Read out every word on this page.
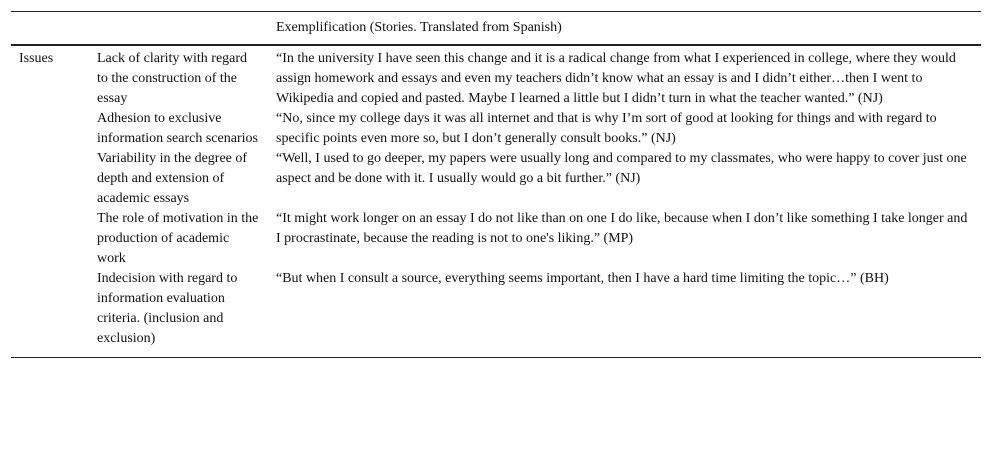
		Exemplification (Stories. Translated from Spanish)
Issues	Lack of clarity with regard to the construction of the essay	“In the university I have seen this change and it is a radical change from what I experienced in college, where they would assign homework and essays and even my teachers didn’t know what an essay is and I didn’t either…then I went to Wikipedia and copied and pasted. Maybe I learned a little but I didn’t turn in what the teacher wanted.” (NJ)
	Adhesion to exclusive information search scenarios	“No, since my college days it was all internet and that is why I’m sort of good at looking for things and with regard to specific points even more so, but I don’t generally consult books.” (NJ)
	Variability in the degree of depth and extension of academic essays	“Well, I used to go deeper, my papers were usually long and compared to my classmates, who were happy to cover just one aspect and be done with it. I usually would go a bit further.” (NJ)
	The role of motivation in the production of academic work	“It might work longer on an essay I do not like than on one I do like, because when I don’t like something I take longer and I procrastinate, because the reading is not to one's liking.” (MP)
	Indecision with regard to information evaluation criteria. (inclusion and exclusion)	“But when I consult a source, everything seems important, then I have a hard time limiting the topic…” (BH)
